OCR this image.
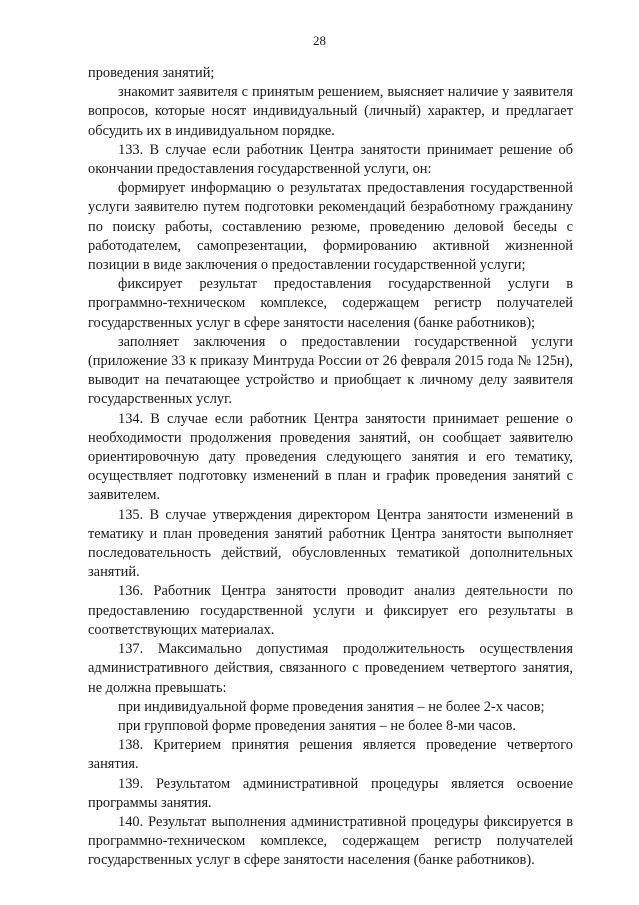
28

проведения занятий;

знакомит заявителя с принятым решением, выясняет наличие у заявителя вопросов, которые носят индивидуальный (личный) характер, и предлагает обсудить их в индивидуальном порядке.

133. В случае если работник Центра занятости принимает решение об окончании предоставления государственной услуги, он:

формирует информацию о результатах предоставления государственной услуги заявителю путем подготовки рекомендаций безработному гражданину по поиску работы, составлению резюме, проведению деловой беседы с работодателем, самопрезентации, формированию активной жизненной позиции в виде заключения о предоставлении государственной услуги;

фиксирует результат предоставления государственной услуги в программно-техническом комплексе, содержащем регистр получателей государственных услуг в сфере занятости населения (банке работников);

заполняет заключения о предоставлении государственной услуги (приложение 33 к приказу Минтруда России от 26 февраля 2015 года № 125н), выводит на печатающее устройство и приобщает к личному делу заявителя государственных услуг.

134. В случае если работник Центра занятости принимает решение о необходимости продолжения проведения занятий, он сообщает заявителю ориентировочную дату проведения следующего занятия и его тематику, осуществляет подготовку изменений в план и график проведения занятий с заявителем.

135. В случае утверждения директором Центра занятости изменений в тематику и план проведения занятий работник Центра занятости выполняет последовательность действий, обусловленных тематикой дополнительных занятий.

136. Работник Центра занятости проводит анализ деятельности по предоставлению государственной услуги и фиксирует его результаты в соответствующих материалах.

137. Максимально допустимая продолжительность осуществления административного действия, связанного с проведением четвертого занятия, не должна превышать:

при индивидуальной форме проведения занятия – не более 2-х часов;

при групповой форме проведения занятия – не более 8-ми часов.

138. Критерием принятия решения является проведение четвертого занятия.

139. Результатом административной процедуры является освоение программы занятия.

140. Результат выполнения административной процедуры фиксируется в программно-техническом комплексе, содержащем регистр получателей государственных услуг в сфере занятости населения (банке работников).
